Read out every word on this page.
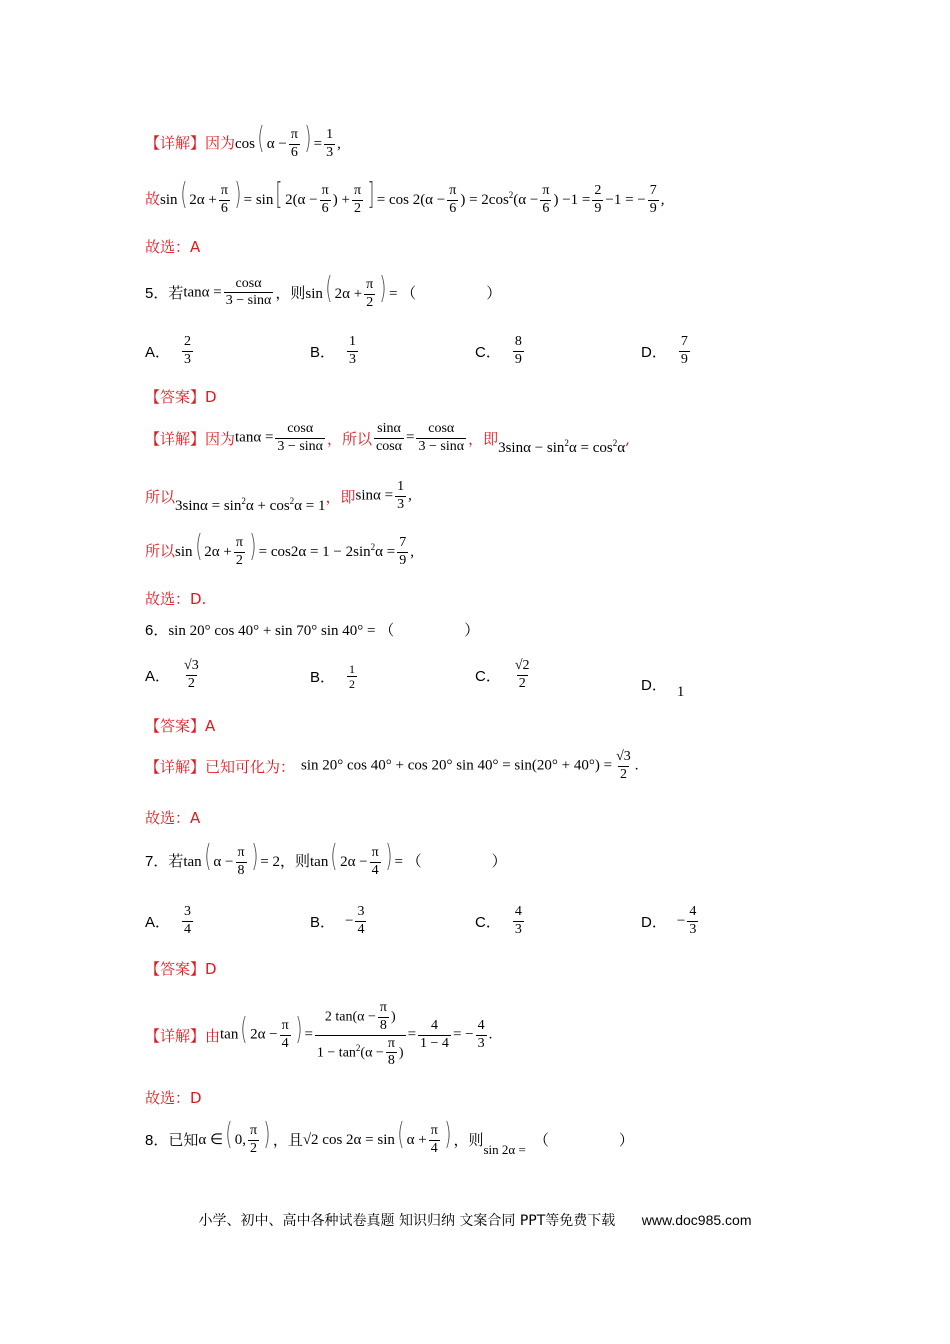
【详解】因为 cos( $\alpha - \frac{\pi}{6}$ ) = $\frac{1}{3}$ ,
故 sin( $2\alpha + \frac{\pi}{6}$ ) = sin[ $2(\alpha - \frac{\pi}{6}$ ) + $\frac{\pi}{2}$ ] = $\cos 2(\alpha - \frac{\pi}{6}$ ) = $2\cos^2(\alpha - \frac{\pi}{6}$ ) $-1 = \frac{2}{9} -1$ = − $\frac{7}{9}$ ,
故选：A
5． 若 $\tan\alpha = \frac{\cos\alpha}{3 - \sin\alpha}$ ，则 sin( $2\alpha + \frac{\pi}{2}$ ) = （	）
A． $\frac{2}{3}$	B． $\frac{1}{3}$	C． $\frac{8}{9}$	D． $\frac{7}{9}$
【答案】D
【详解】因为 $\tan\alpha = \frac{\cos\alpha}{3 - \sin\alpha}$ ，所以 $\frac{\sin\alpha}{\cos\alpha} = \frac{\cos\alpha}{3 - \sin\alpha}$ ，即 $3\sin\alpha - \sin^2\alpha = \cos^2\alpha$
,
所以 $3\sin\alpha = \sin^2\alpha + \cos^2\alpha = 1$ ，即 $\sin\alpha = \frac{1}{3}$ ,
所以 sin( $2\alpha + \frac{\pi}{2}$ ) = $\cos 2\alpha = 1 - 2\sin^2\alpha = \frac{7}{9}$ ,
故选：D.
6． sin 20° cos 40° + sin 70° sin 40° = （	）
A． $\frac{√3}{2}$	B． $\frac{1}{2}$	C． $\frac{√2}{2}$	D． 1
【答案】A
【详解】已知可化为： sin 20° cos 40° + cos 20° $\sin 40^\circ = \sin(20^\circ + 40^\circ) = \frac{√3}{2}$ .
故选：A
7． 若 tan( $\alpha - \frac{\pi}{8}$ ) = 2 ，则 tan( $2\alpha - \frac{\pi}{4}$ ) = （	）
A． $\frac{3}{4}$	B． − $\frac{3}{4}$	C． $\frac{4}{3}$	D． − $\frac{4}{3}$
【答案】D
【详解】由 tan( $2\alpha - \frac{\pi}{4}$ ) = $\frac{2 \tan(\alpha - \frac{\pi}{8} )}{1 - \tan^2(\alpha - \frac{\pi}{8} )} = \frac{4}{1 - 4}$ = − $\frac{4}{3}$ .
故选：D
8． 已知 α ∈( 0, $\frac{\pi}{2}$ ) ，且 √2 cos 2α = sin( $\alpha + \frac{\pi}{4}$ ) ，则
sin 2α =
（	）
小学、初中、高中各种试卷真题 知识归纳 文案合同 PPT等免费下载 www.doc985.com
